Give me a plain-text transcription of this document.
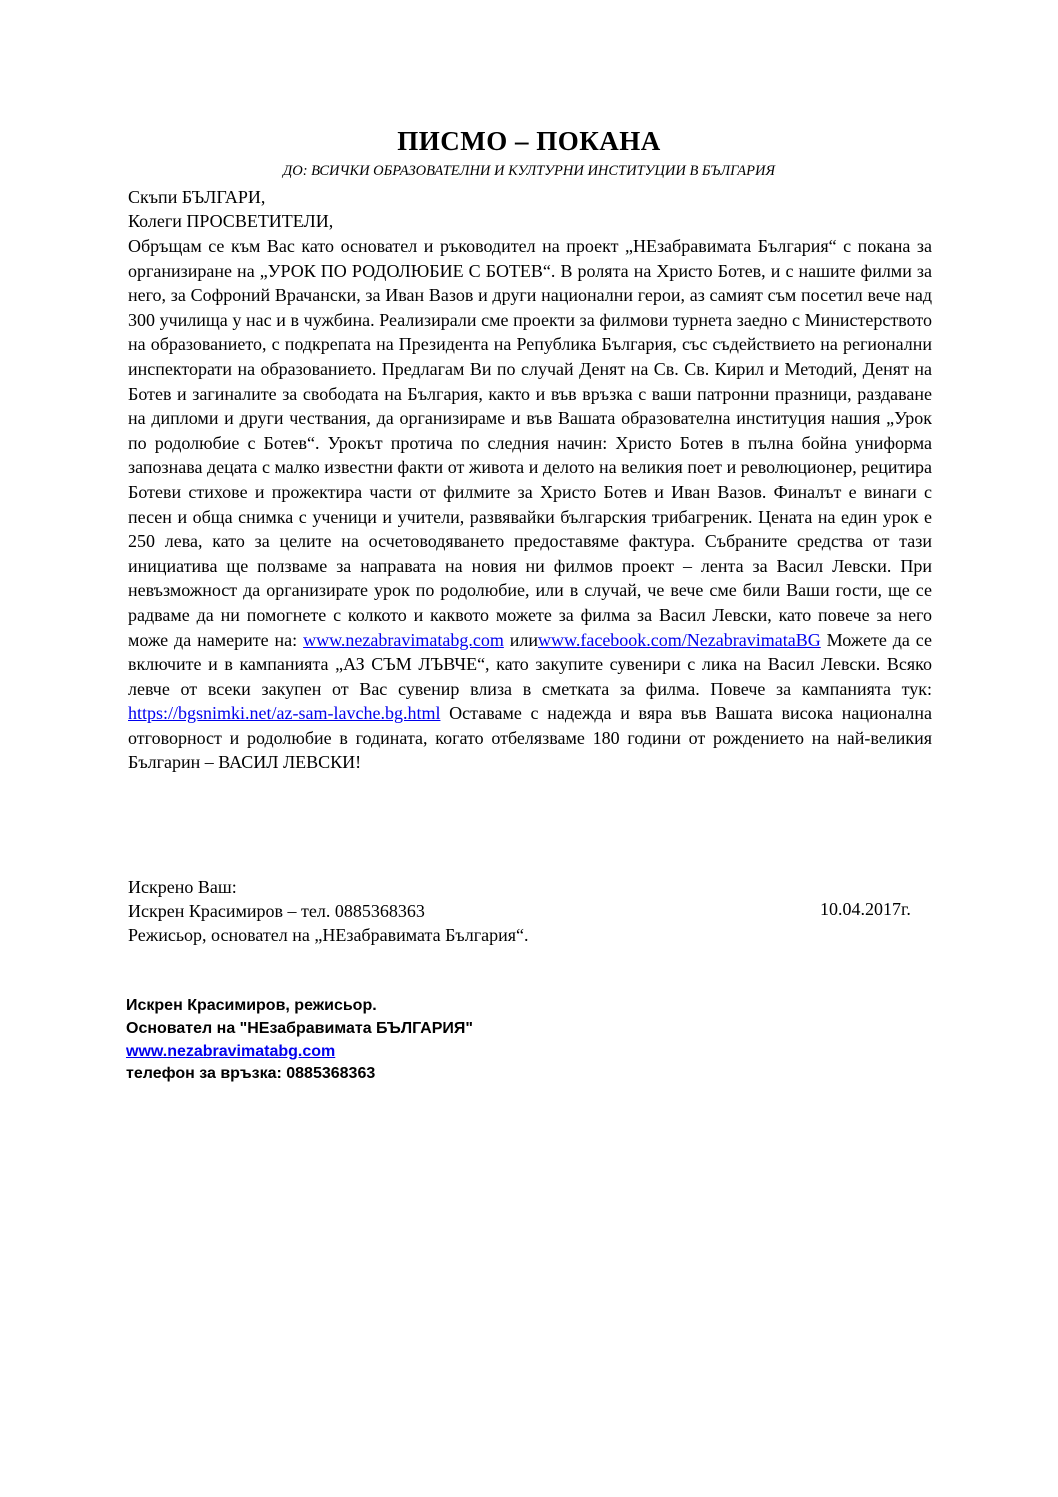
ПИСМО – ПОКАНА
ДО: ВСИЧКИ ОБРАЗОВАТЕЛНИ И КУЛТУРНИ ИНСТИТУЦИИ В БЪЛГАРИЯ
Скъпи БЪЛГАРИ,
Колеги ПРОСВЕТИТЕЛИ,

Обръщам се към Вас като основател и ръководител на проект „НЕзабравимата България“ с покана за организиране на „УРОК ПО РОДОЛЮБИЕ С БОТЕВ“. В ролята на Христо Ботев, и с нашите филми за него, за Софроний Врачански, за Иван Вазов и други национални герои, аз самият съм посетил вече над 300 училища у нас и в чужбина. Реализирали сме проекти за филмови турнета заедно с Министерството на образованието, с подкрепата на Президента на Република България, със съдействието на регионални инспекторати на образованието. Предлагам Ви по случай Денят на Св. Св. Кирил и Методий, Денят на Ботев и загиналите за свободата на България, както и във връзка с ваши патронни празници, раздаване на дипломи и други чествания, да организираме и във Вашата образователна институция нашия „Урок по родолюбие с Ботев“. Урокът протича по следния начин: Христо Ботев в пълна бойна униформа запознава децата с малко известни факти от живота и делото на великия поет и революционер, рецитира Ботеви стихове и прожектира части от филмите за Христо Ботев и Иван Вазов. Финалът е винаги с песен и обща снимка с ученици и учители, развявайки българския трибагреник. Цената на един урок е 250 лева, като за целите на осчетоводяването предоставяме фактура. Събраните средства от тази инициатива ще ползваме за направата на новия ни филмов проект – лента за Васил Левски. При невъзможност да организирате урок по родолюбие, или в случай, че вече сме били Ваши гости, ще се радваме да ни помогнете с колкото и каквото можете за филма за Васил Левски, като повече за него може да намерите на: www.nezabravimatabg.com илиwww.facebook.com/NezabravimataBG Можете да се включите и в кампанията „АЗ СЪМ ЛЪВЧЕ“, като закупите сувенири с лика на Васил Левски. Всяко левче от всеки закупен от Вас сувенир влиза в сметката за филма. Повече за кампанията тук: https://bgsnimki.net/az-sam-lavche.bg.html Оставаме с надежда и вяра във Вашата висока национална отговорност и родолюбие в годината, когато отбелязваме 180 години от рождението на най-великия Българин – ВАСИЛ ЛЕВСКИ!

Искрено Ваш:
Искрен Красимиров – тел. 0885368363	10.04.2017г.
Режисьор, основател на „НЕзабравимата България“.
Искрен Красимиров, режисьор.
Основател на "НЕзабравимата БЪЛГАРИЯ"
www.nezabravimatabg.com
телефон за връзка: 0885368363
